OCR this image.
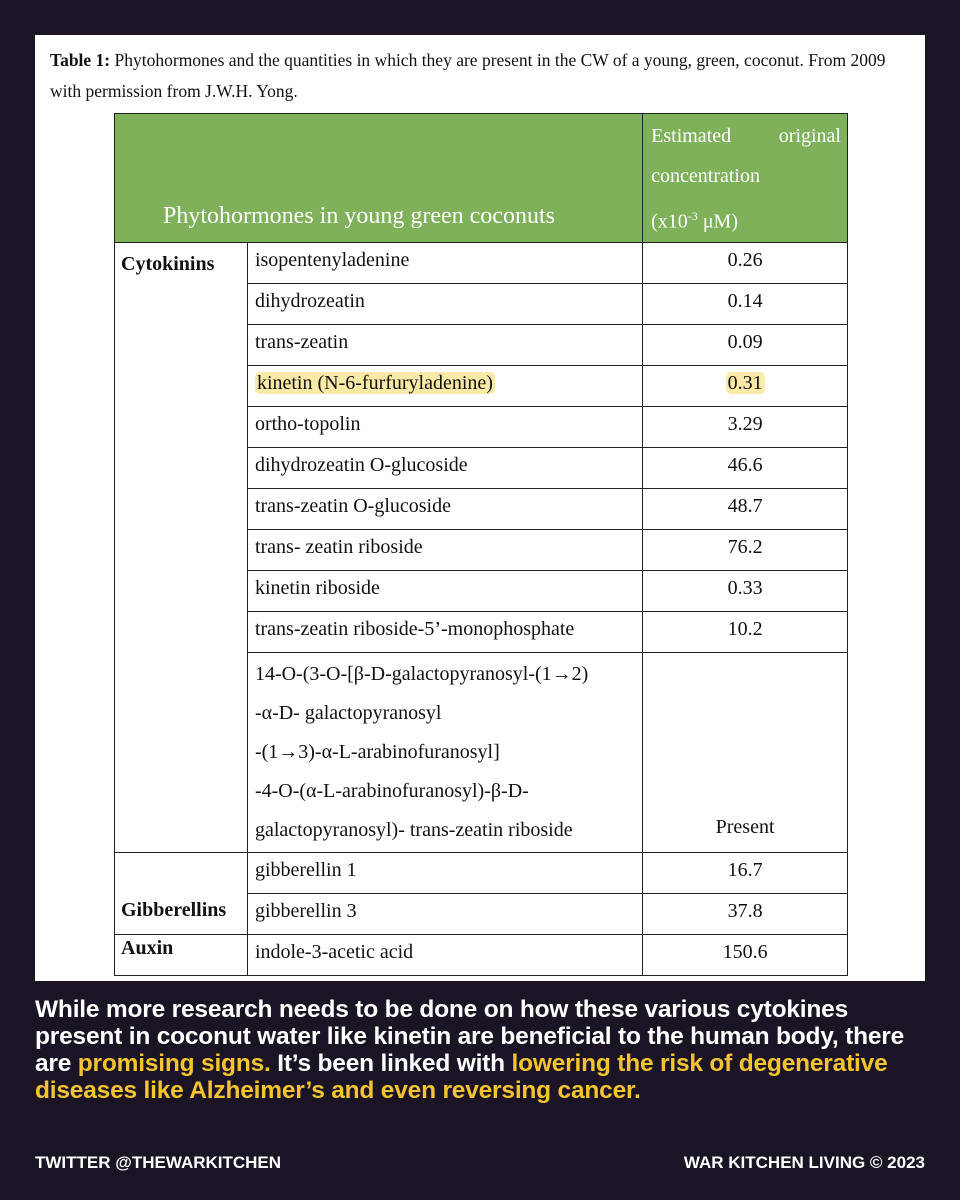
Table 1: Phytohormones and the quantities in which they are present in the CW of a young, green, coconut. From 2009 with permission from J.W.H. Yong.
Phytohormones in young green coconuts		Estimated original
concentration
($x10^{-3}$ μM)

Cytokinins	isopentenyladenine	0.26
	dihydrozeatin	0.14
	trans-zeatin	0.09
	kinetin (N-6-furfuryladenine)	0.31
	ortho-topolin	3.29
	dihydrozeatin O-glucoside	46.6
	trans-zeatin O-glucoside	48.7
	trans- zeatin riboside	76.2
	kinetin riboside	0.33
	trans-zeatin riboside-5’-monophosphate	10.2

	14-O-(3-O-[β-D-galactopyranosyl-(1→2)
-α-D- galactopyranosyl
-(1→3)-α-L-arabinofuranosyl]
-4-O-(α-L-arabinofuranosyl)-β-D-
galactopyranosyl)- trans-zeatin riboside	Present
Gibberellins	gibberellin 1	16.7
	gibberellin 3	37.8
Auxin	indole-3-acetic acid	150.6
While more research needs to be done on how these various cytokines present in coconut water like kinetin are beneficial to the human body, there are promising signs. It’s been linked with lowering the risk of degenerative diseases like Alzheimer’s and even reversing cancer.
TWITTER @THEWARKITCHEN	WAR KITCHEN LIVING © 2023
